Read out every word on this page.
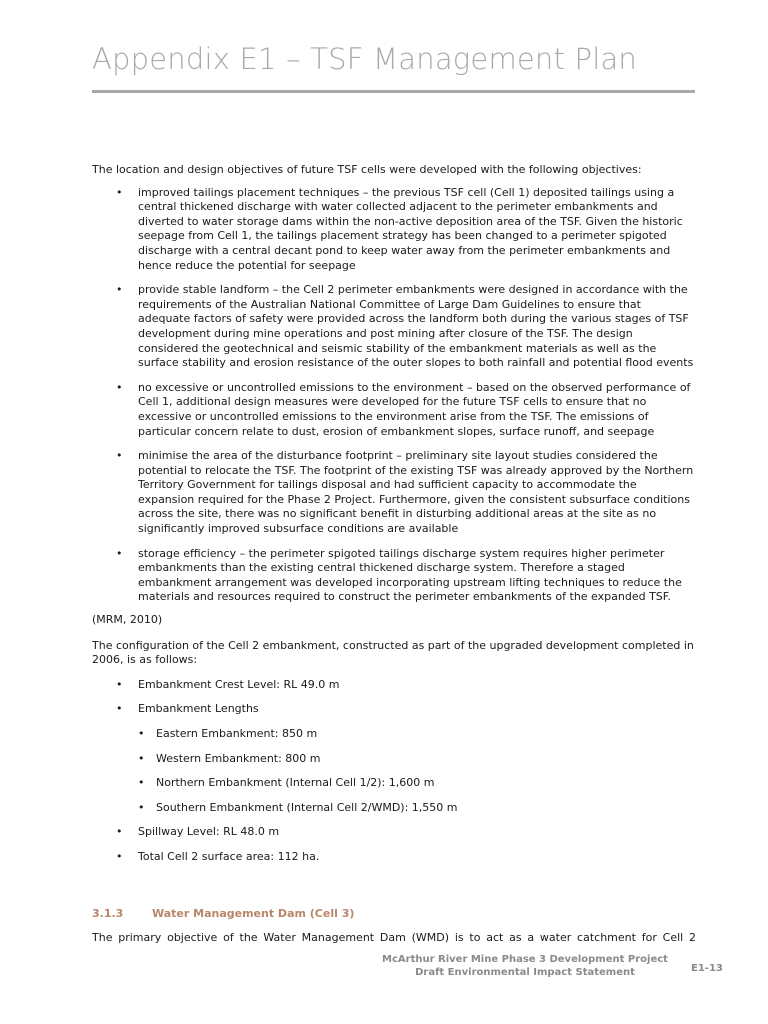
Appendix E1 – TSF Management Plan

The location and design objectives of future TSF cells were developed with the following objectives:

• improved tailings placement techniques – the previous TSF cell (Cell 1) deposited tailings using a central thickened discharge with water collected adjacent to the perimeter embankments and diverted to water storage dams within the non-active deposition area of the TSF. Given the historic seepage from Cell 1, the tailings placement strategy has been changed to a perimeter spigoted discharge with a central decant pond to keep water away from the perimeter embankments and hence reduce the potential for seepage
• provide stable landform – the Cell 2 perimeter embankments were designed in accordance with the requirements of the Australian National Committee of Large Dam Guidelines to ensure that adequate factors of safety were provided across the landform both during the various stages of TSF development during mine operations and post mining after closure of the TSF. The design considered the geotechnical and seismic stability of the embankment materials as well as the surface stability and erosion resistance of the outer slopes to both rainfall and potential flood events
• no excessive or uncontrolled emissions to the environment – based on the observed performance of Cell 1, additional design measures were developed for the future TSF cells to ensure that no excessive or uncontrolled emissions to the environment arise from the TSF. The emissions of particular concern relate to dust, erosion of embankment slopes, surface runoff, and seepage
• minimise the area of the disturbance footprint – preliminary site layout studies considered the potential to relocate the TSF. The footprint of the existing TSF was already approved by the Northern Territory Government for tailings disposal and had sufficient capacity to accommodate the expansion required for the Phase 2 Project. Furthermore, given the consistent subsurface conditions across the site, there was no significant benefit in disturbing additional areas at the site as no significantly improved subsurface conditions are available
• storage efficiency – the perimeter spigoted tailings discharge system requires higher perimeter embankments than the existing central thickened discharge system. Therefore a staged embankment arrangement was developed incorporating upstream lifting techniques to reduce the materials and resources required to construct the perimeter embankments of the expanded TSF.

(MRM, 2010)

The configuration of the Cell 2 embankment, constructed as part of the upgraded development completed in 2006, is as follows:

• Embankment Crest Level: RL 49.0 m
• Embankment Lengths
• Eastern Embankment: 850 m
• Western Embankment: 800 m
• Northern Embankment (Internal Cell 1/2): 1,600 m
• Southern Embankment (Internal Cell 2/WMD): 1,550 m
• Spillway Level: RL 48.0 m
• Total Cell 2 surface area: 112 ha.
3.1.3	Water Management Dam (Cell 3)
The primary objective of the Water Management Dam (WMD) is to act as a water catchment for Cell 2
McArthur River Mine Phase 3 Development Project
Draft Environmental Impact Statement	E1-13
